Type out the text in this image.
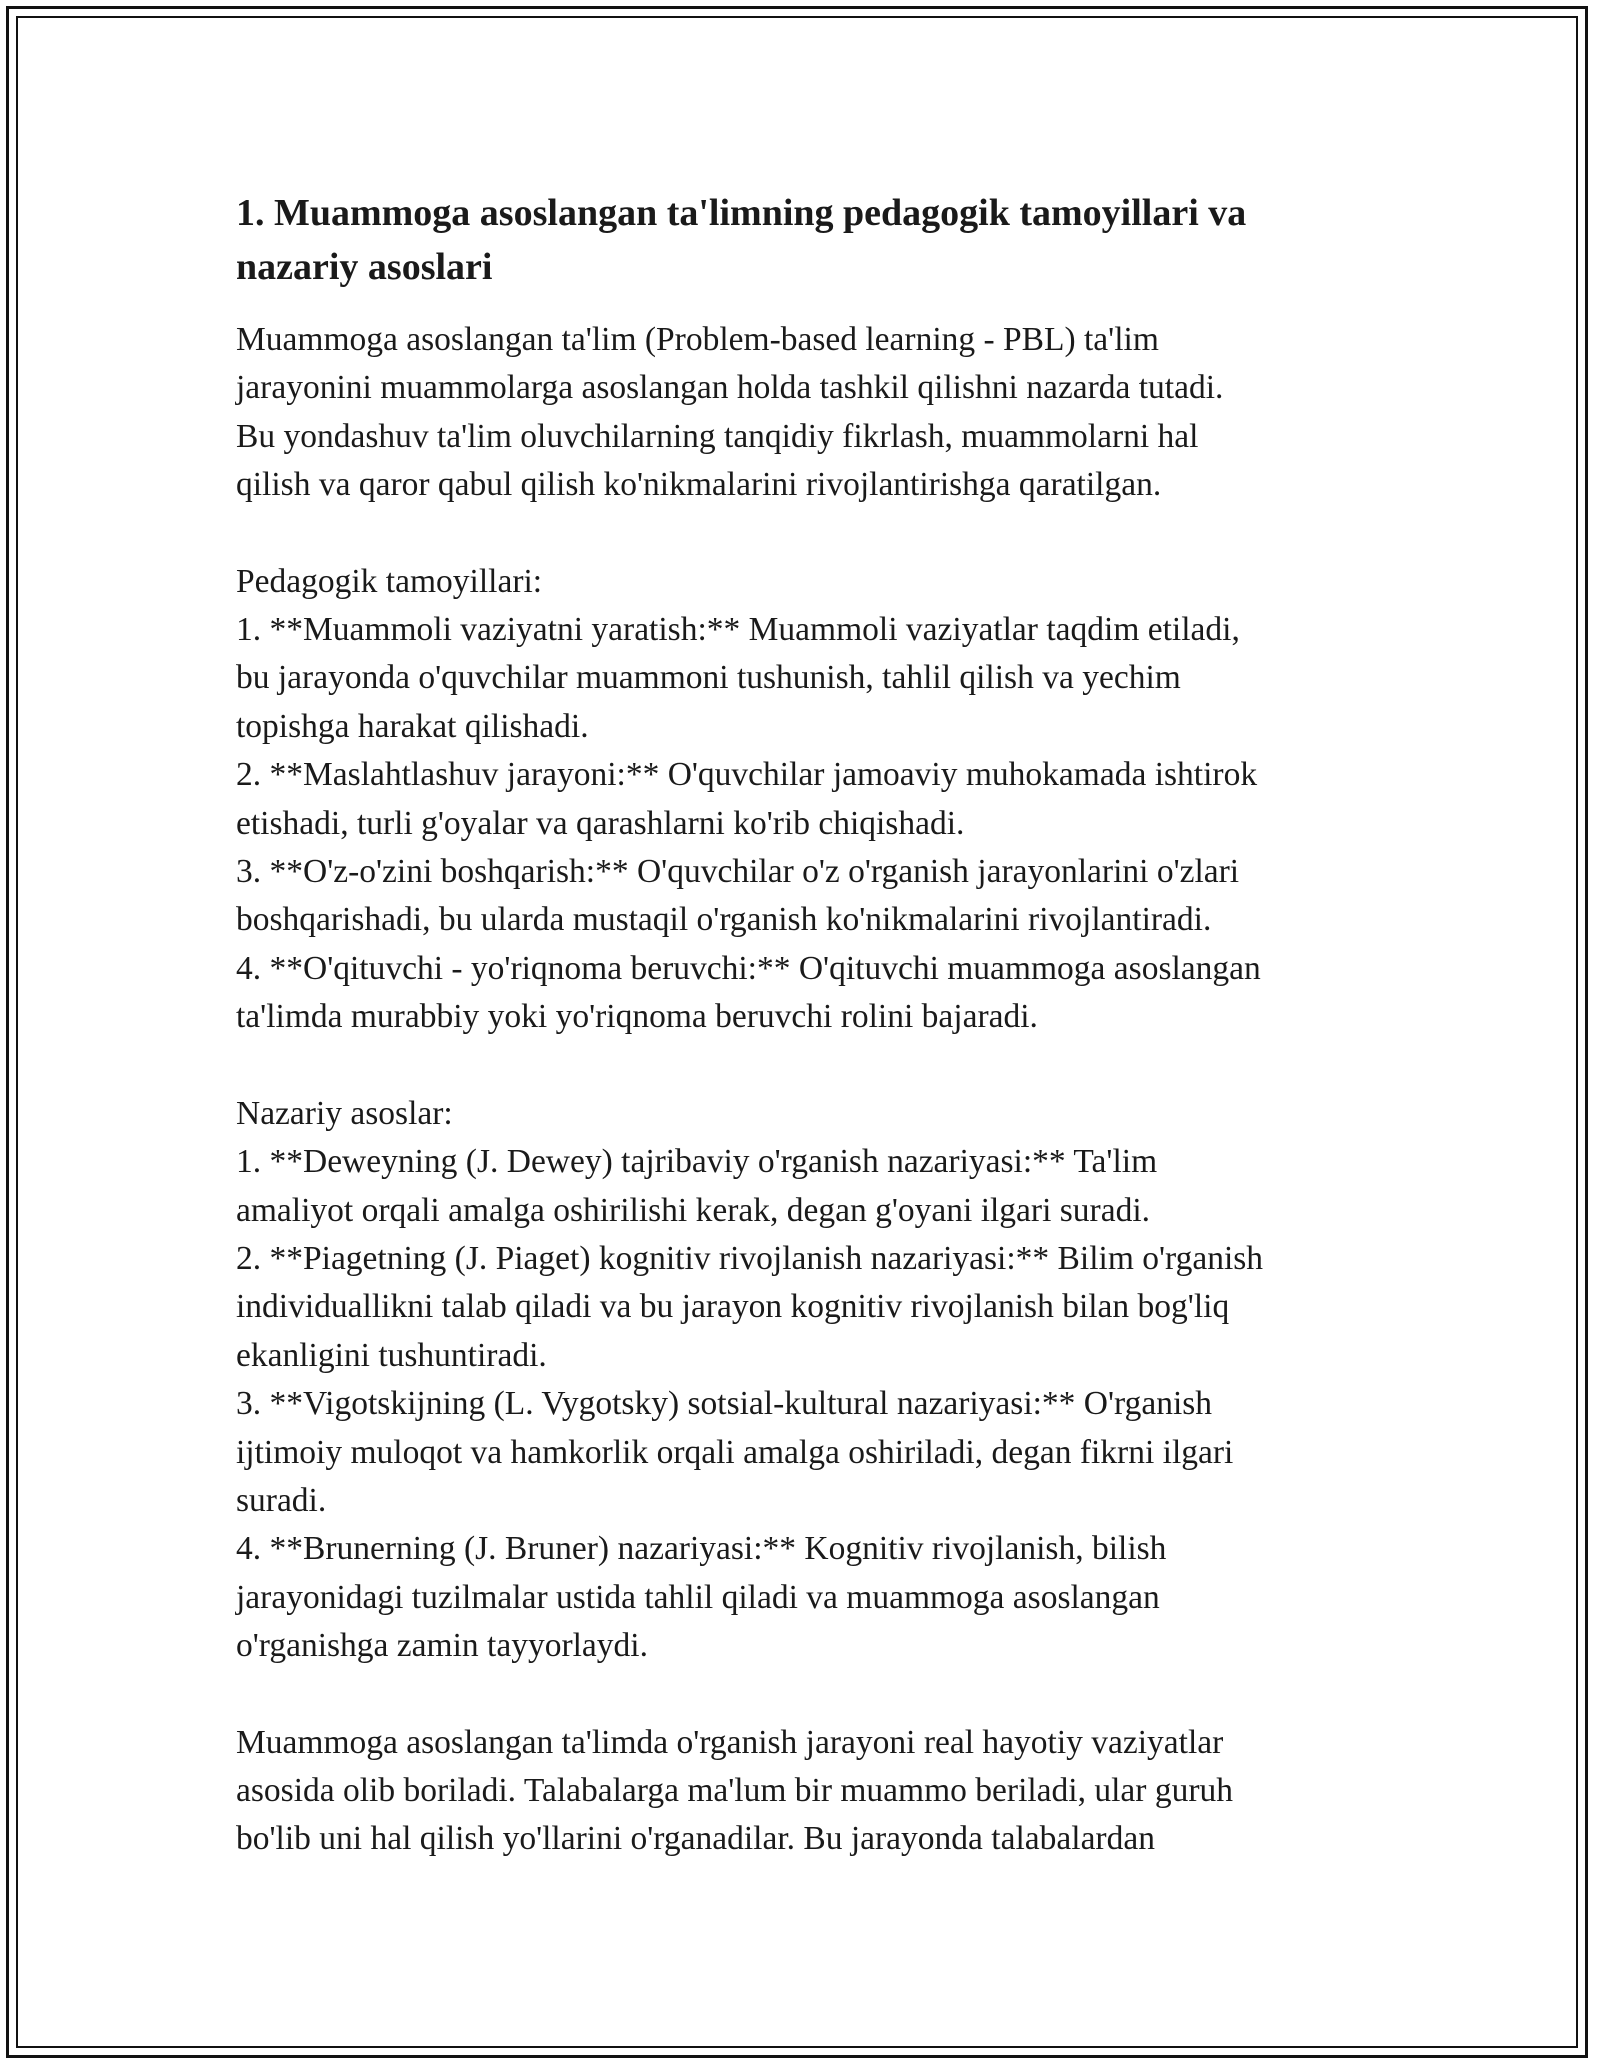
1. Muammoga asoslangan ta'limning pedagogik tamoyillari va
nazariy asoslari

Muammoga asoslangan ta'lim (Problem-based learning - PBL) ta'lim
jarayonini muammolarga asoslangan holda tashkil qilishni nazarda tutadi.
Bu yondashuv ta'lim oluvchilarning tanqidiy fikrlash, muammolarni hal
qilish va qaror qabul qilish ko'nikmalarini rivojlantirishga qaratilgan.

Pedagogik tamoyillari:
1. **Muammoli vaziyatni yaratish:** Muammoli vaziyatlar taqdim etiladi,
bu jarayonda o'quvchilar muammoni tushunish, tahlil qilish va yechim
topishga harakat qilishadi.
2. **Maslahtlashuv jarayoni:** O'quvchilar jamoaviy muhokamada ishtirok
etishadi, turli g'oyalar va qarashlarni ko'rib chiqishadi.
3. **O'z-o'zini boshqarish:** O'quvchilar o'z o'rganish jarayonlarini o'zlari
boshqarishadi, bu ularda mustaqil o'rganish ko'nikmalarini rivojlantiradi.
4. **O'qituvchi - yo'riqnoma beruvchi:** O'qituvchi muammoga asoslangan
ta'limda murabbiy yoki yo'riqnoma beruvchi rolini bajaradi.

Nazariy asoslar:
1. **Deweyning (J. Dewey) tajribaviy o'rganish nazariyasi:** Ta'lim
amaliyot orqali amalga oshirilishi kerak, degan g'oyani ilgari suradi.
2. **Piagetning (J. Piaget) kognitiv rivojlanish nazariyasi:** Bilim o'rganish
individuallikni talab qiladi va bu jarayon kognitiv rivojlanish bilan bog'liq
ekanligini tushuntiradi.
3. **Vigotskijning (L. Vygotsky) sotsial-kultural nazariyasi:** O'rganish
ijtimoiy muloqot va hamkorlik orqali amalga oshiriladi, degan fikrni ilgari
suradi.
4. **Brunerning (J. Bruner) nazariyasi:** Kognitiv rivojlanish, bilish
jarayonidagi tuzilmalar ustida tahlil qiladi va muammoga asoslangan
o'rganishga zamin tayyorlaydi.

Muammoga asoslangan ta'limda o'rganish jarayoni real hayotiy vaziyatlar
asosida olib boriladi. Talabalarga ma'lum bir muammo beriladi, ular guruh
bo'lib uni hal qilish yo'llarini o'rganadilar. Bu jarayonda talabalardan
